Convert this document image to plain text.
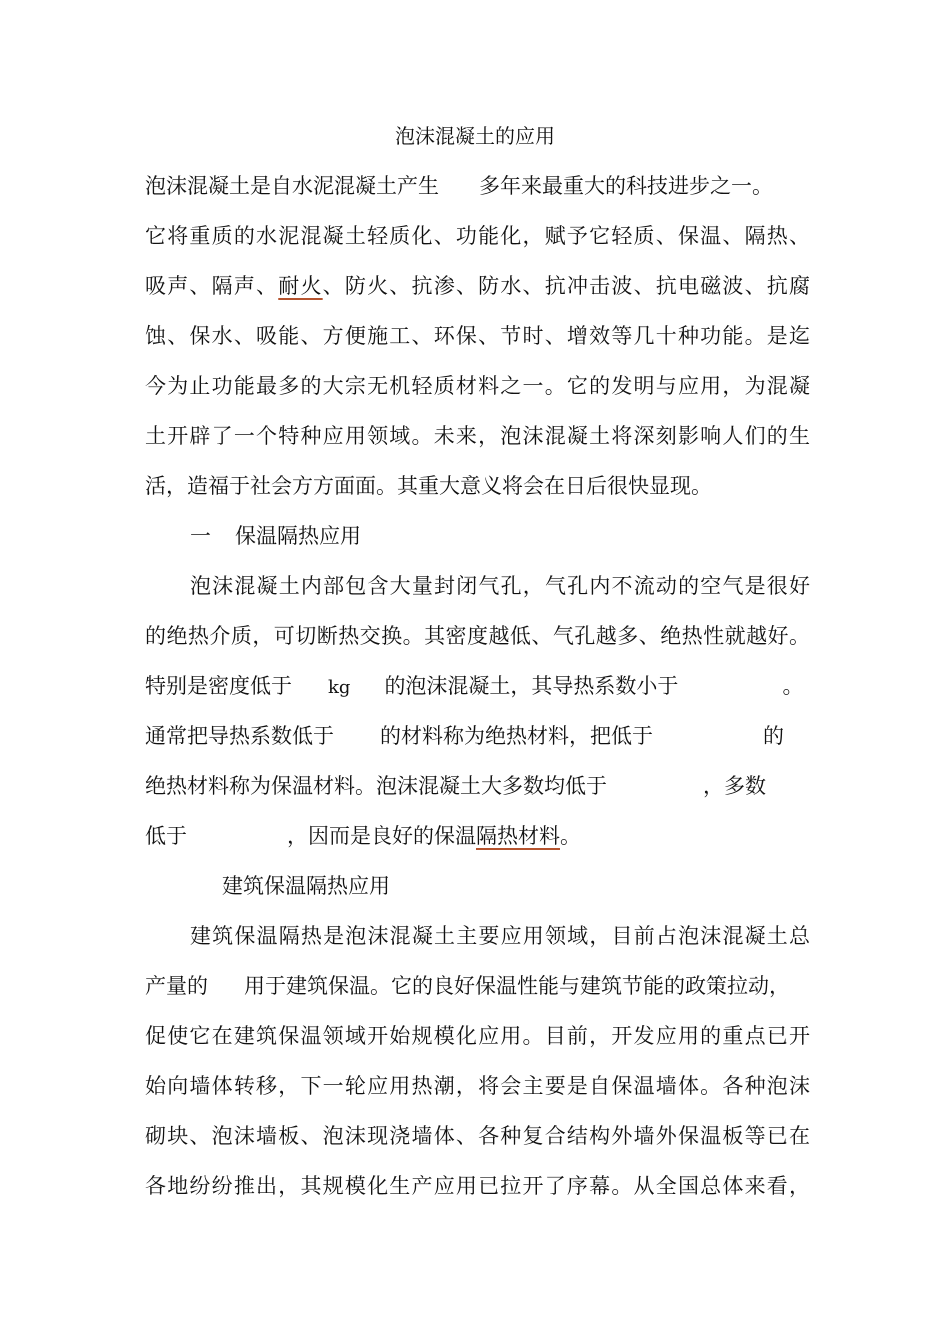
泡沫混凝土的应用
泡沫混凝土是自水泥混凝土产生 多年来最重大的科技进步之一。
它将重质的水泥混凝土轻质化、功能化，赋予它轻质、保温、隔热、
吸声、隔声、耐火、防火、抗渗、防水、抗冲击波、抗电磁波、抗腐
蚀、保水、吸能、方便施工、环保、节时、增效等几十种功能。是迄
今为止功能最多的大宗无机轻质材料之一。它的发明与应用，为混凝
土开辟了一个特种应用领域。未来，泡沫混凝土将深刻影响人们的生
活，造福于社会方方面面。其重大意义将会在日后很快显现。
一 保温隔热应用
泡沫混凝土内部包含大量封闭气孔，气孔内不流动的空气是很好
的绝热介质，可切断热交换。其密度越低、气孔越多、绝热性就越好。
特别是密度低于 kg 的泡沫混凝土，其导热系数小于	。
通常把导热系数低于 的材料称为绝热材料，把低于	的
绝热材料称为保温材料。泡沫混凝土大多数均低于	，多数
低于	，因而是良好的保温隔热材料。
建筑保温隔热应用
建筑保温隔热是泡沫混凝土主要应用领域，目前占泡沫混凝土总
产量的 用于建筑保温。它的良好保温性能与建筑节能的政策拉动，
促使它在建筑保温领域开始规模化应用。目前，开发应用的重点已开
始向墙体转移，下一轮应用热潮，将会主要是自保温墙体。各种泡沫
砌块、泡沫墙板、泡沫现浇墙体、各种复合结构外墙外保温板等已在
各地纷纷推出，其规模化生产应用已拉开了序幕。从全国总体来看，
